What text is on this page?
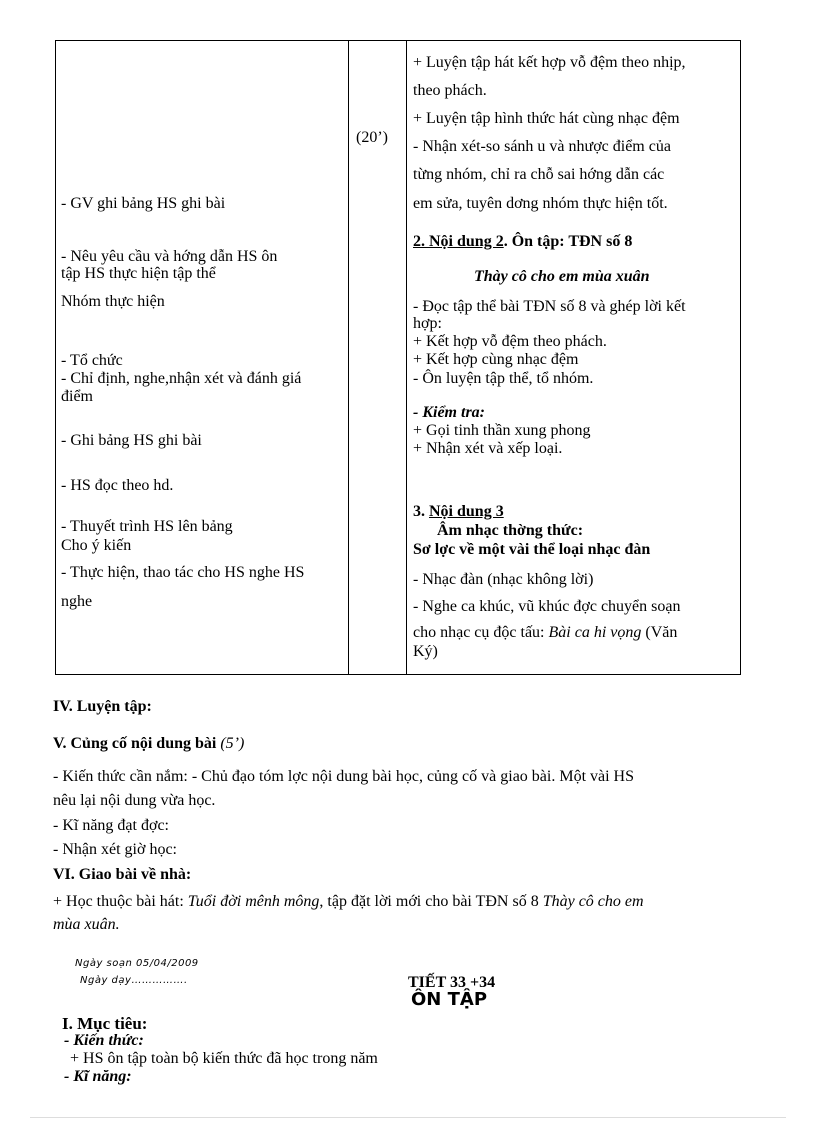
- GV ghi bảng HS ghi bài
- Nêu yêu cầu và hớng dẫn HS ôn
tập HS thực hiện tập thể
Nhóm thực hiện
- Tổ chức
- Chỉ định, nghe,nhận xét và đánh giá
điểm
- Ghi bảng HS ghi bài
- HS đọc theo hd.
- Thuyết trình HS lên bảng
Cho ý kiến
- Thực hiện, thao tác cho HS nghe HS
nghe
(20’)
+ Luyện tập hát kết hợp vỗ đệm theo nhịp,
theo phách.
+ Luyện tập hình thức hát cùng nhạc đệm
- Nhận xét-so sánh u và nhược điểm của
từng nhóm, chỉ ra chỗ sai hớng dẫn các
em sửa, tuyên dơng nhóm thực hiện tốt.
2. Nội dung 2. Ôn tập: TĐN số 8
Thày cô cho em mùa xuân
- Đọc tập thể bài TĐN số 8 và ghép lời kết
hợp:
+ Kết hợp vỗ đệm theo phách.
+ Kết hợp cùng nhạc đệm
- Ôn luyện tập thể, tổ nhóm.
- Kiểm tra:
+ Gọi tinh thần xung phong
+ Nhận xét và xếp loại.
3. Nội dung 3
Âm nhạc thờng thức:
Sơ lợc về một vài thể loại nhạc đàn
- Nhạc đàn (nhạc không lời)
- Nghe ca khúc, vũ khúc đợc chuyển soạn
cho nhạc cụ độc tấu: Bài ca hi vọng (Văn
Ký)
IV. Luyện tập:
V. Củng cố nội dung bài (5’)
- Kiến thức cần nắm: - Chủ đạo tóm lợc nội dung bài học, củng cố và giao bài. Một vài HS
nêu lại nội dung vừa học.
- Kĩ năng đạt đợc:
- Nhận xét giờ học:
VI. Giao bài về nhà:
+ Học thuộc bài hát: Tuổi đời mênh mông, tập đặt lời mới cho bài TĐN số 8 Thày cô cho em
mùa xuân.
Ngày soạn 05/04/2009
Ngày dạy…………….	TIẾT 33 +34
ÔN TẬP
I. Mục tiêu:
- Kiến thức:
+ HS ôn tập toàn bộ kiến thức đã học trong năm
- Kĩ năng:
